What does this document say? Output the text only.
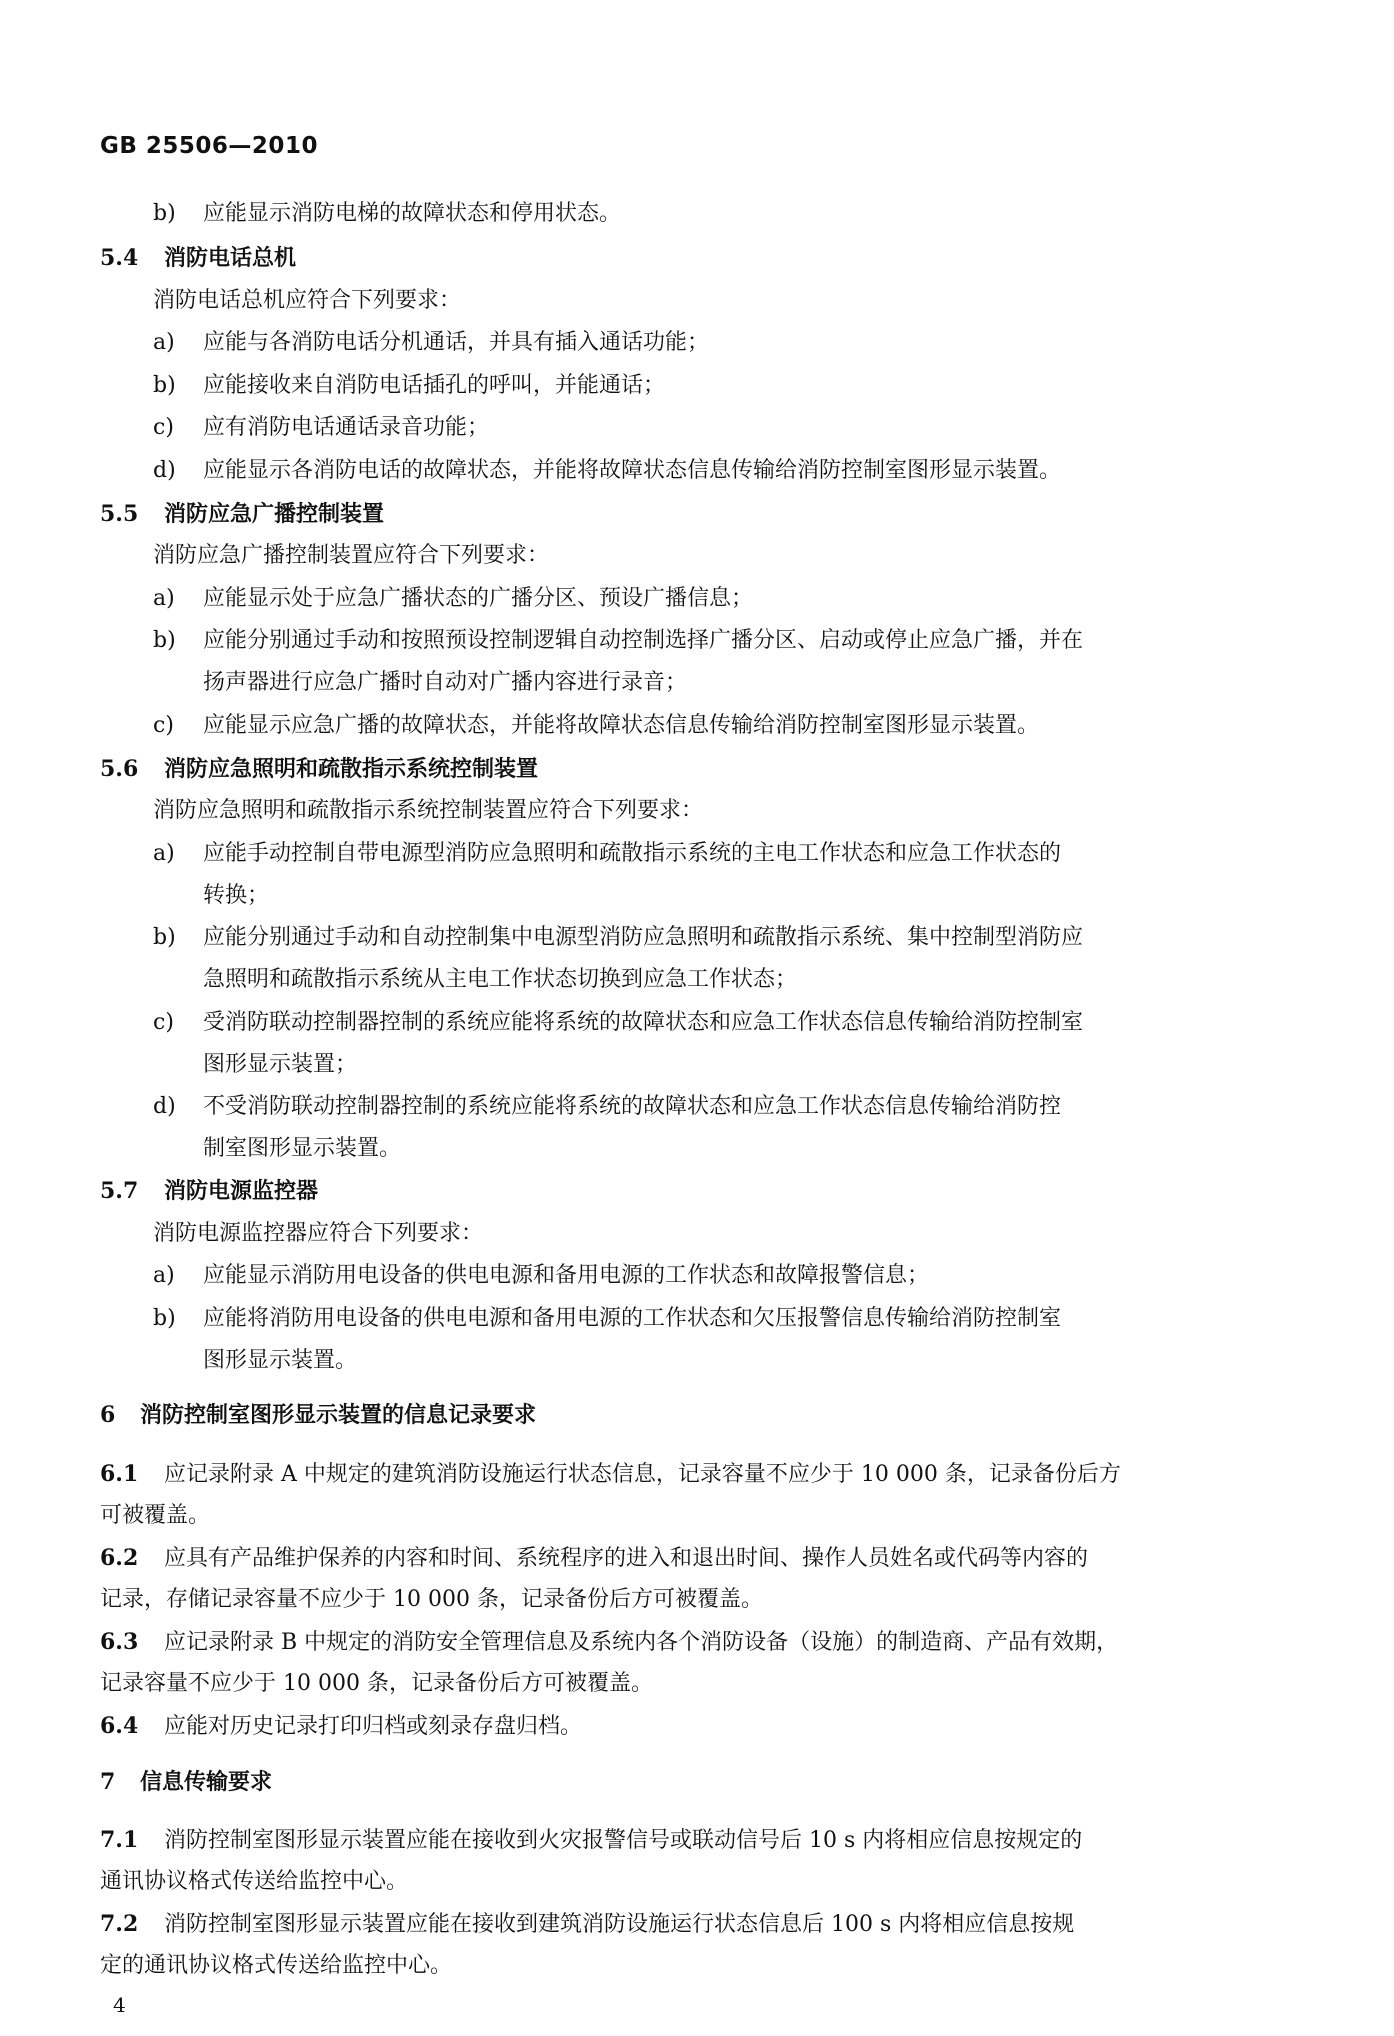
GB 25506—2010
b) 应能显示消防电梯的故障状态和停用状态。
5.4 消防电话总机
消防电话总机应符合下列要求：
a) 应能与各消防电话分机通话，并具有插入通话功能；
b) 应能接收来自消防电话插孔的呼叫，并能通话；
c) 应有消防电话通话录音功能；
d) 应能显示各消防电话的故障状态，并能将故障状态信息传输给消防控制室图形显示装置。
5.5 消防应急广播控制装置
消防应急广播控制装置应符合下列要求：
a) 应能显示处于应急广播状态的广播分区、预设广播信息；
b) 应能分别通过手动和按照预设控制逻辑自动控制选择广播分区、启动或停止应急广播，并在
扬声器进行应急广播时自动对广播内容进行录音；
c) 应能显示应急广播的故障状态，并能将故障状态信息传输给消防控制室图形显示装置。
5.6 消防应急照明和疏散指示系统控制装置
消防应急照明和疏散指示系统控制装置应符合下列要求：
a) 应能手动控制自带电源型消防应急照明和疏散指示系统的主电工作状态和应急工作状态的
转换；
b) 应能分别通过手动和自动控制集中电源型消防应急照明和疏散指示系统、集中控制型消防应
急照明和疏散指示系统从主电工作状态切换到应急工作状态；
c) 受消防联动控制器控制的系统应能将系统的故障状态和应急工作状态信息传输给消防控制室
图形显示装置；
d) 不受消防联动控制器控制的系统应能将系统的故障状态和应急工作状态信息传输给消防控
制室图形显示装置。
5.7 消防电源监控器
消防电源监控器应符合下列要求：
a) 应能显示消防用电设备的供电电源和备用电源的工作状态和故障报警信息；
b) 应能将消防用电设备的供电电源和备用电源的工作状态和欠压报警信息传输给消防控制室
图形显示装置。
6 消防控制室图形显示装置的信息记录要求
6.1 应记录附录 A 中规定的建筑消防设施运行状态信息，记录容量不应少于 10 000 条，记录备份后方
可被覆盖。
6.2 应具有产品维护保养的内容和时间、系统程序的进入和退出时间、操作人员姓名或代码等内容的
记录，存储记录容量不应少于 10 000 条，记录备份后方可被覆盖。
6.3 应记录附录 B 中规定的消防安全管理信息及系统内各个消防设备（设施）的制造商、产品有效期，
记录容量不应少于 10 000 条，记录备份后方可被覆盖。
6.4 应能对历史记录打印归档或刻录存盘归档。
7 信息传输要求
7.1 消防控制室图形显示装置应能在接收到火灾报警信号或联动信号后 10 s 内将相应信息按规定的
通讯协议格式传送给监控中心。
7.2 消防控制室图形显示装置应能在接收到建筑消防设施运行状态信息后 100 s 内将相应信息按规
定的通讯协议格式传送给监控中心。
4
